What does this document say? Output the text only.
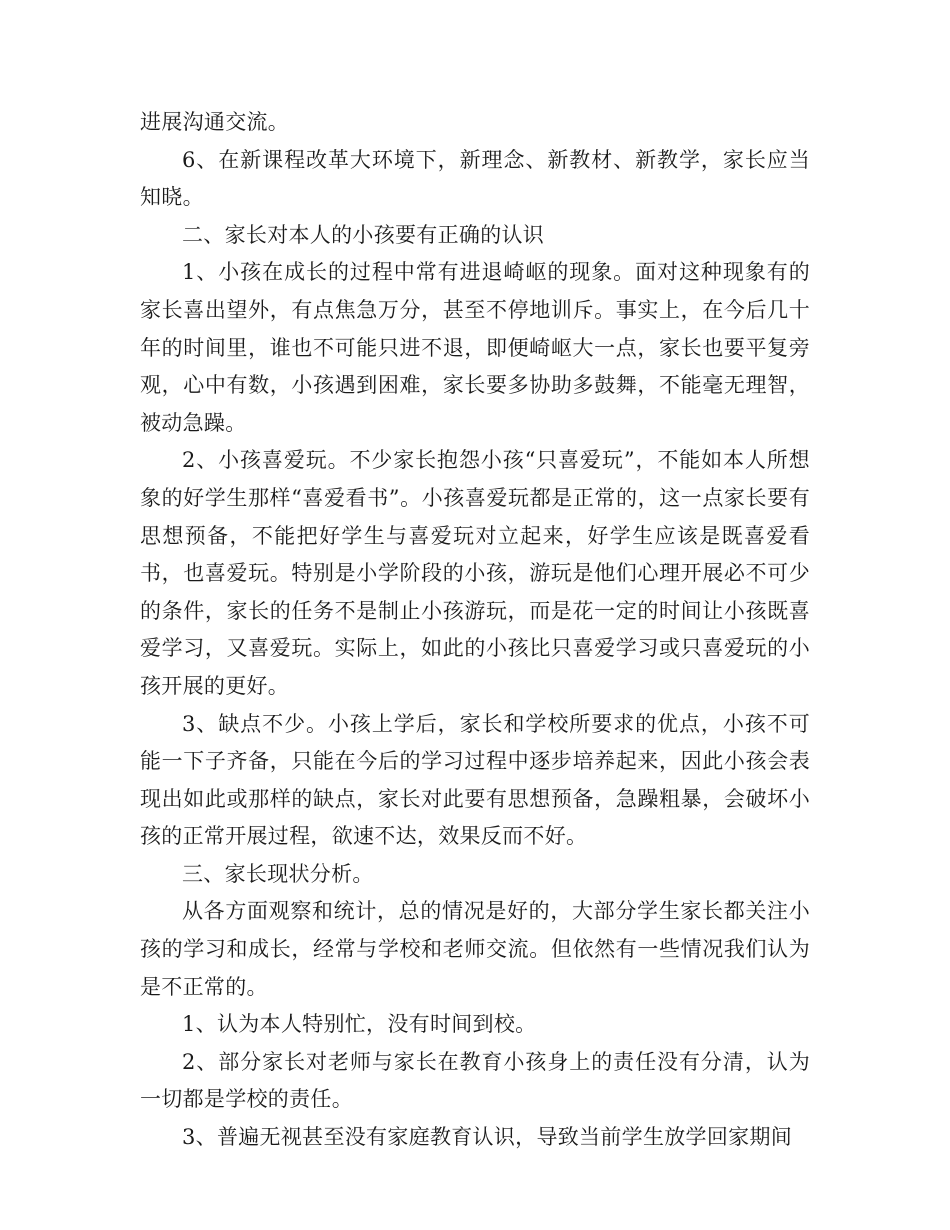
进展沟通交流。

6、在新课程改革大环境下，新理念、新教材、新教学，家长应当知晓。

二、家长对本人的小孩要有正确的认识

1、小孩在成长的过程中常有进退崎岖的现象。面对这种现象有的家长喜出望外，有点焦急万分，甚至不停地训斥。事实上，在今后几十年的时间里，谁也不可能只进不退，即便崎岖大一点，家长也要平复旁观，心中有数，小孩遇到困难，家长要多协助多鼓舞，不能毫无理智，被动急躁。

2、小孩喜爱玩。不少家长抱怨小孩“只喜爱玩”，不能如本人所想象的好学生那样“喜爱看书”。小孩喜爱玩都是正常的，这一点家长要有思想预备，不能把好学生与喜爱玩对立起来，好学生应该是既喜爱看书，也喜爱玩。特别是小学阶段的小孩，游玩是他们心理开展必不可少的条件，家长的任务不是制止小孩游玩，而是花一定的时间让小孩既喜爱学习，又喜爱玩。实际上，如此的小孩比只喜爱学习或只喜爱玩的小孩开展的更好。

3、缺点不少。小孩上学后，家长和学校所要求的优点，小孩不可能一下子齐备，只能在今后的学习过程中逐步培养起来，因此小孩会表现出如此或那样的缺点，家长对此要有思想预备，急躁粗暴，会破坏小孩的正常开展过程，欲速不达，效果反而不好。

三、家长现状分析。

从各方面观察和统计，总的情况是好的，大部分学生家长都关注小孩的学习和成长，经常与学校和老师交流。但依然有一些情况我们认为是不正常的。

1、认为本人特别忙，没有时间到校。

2、部分家长对老师与家长在教育小孩身上的责任没有分清，认为一切都是学校的责任。

3、普遍无视甚至没有家庭教育认识，导致当前学生放学回家期间
